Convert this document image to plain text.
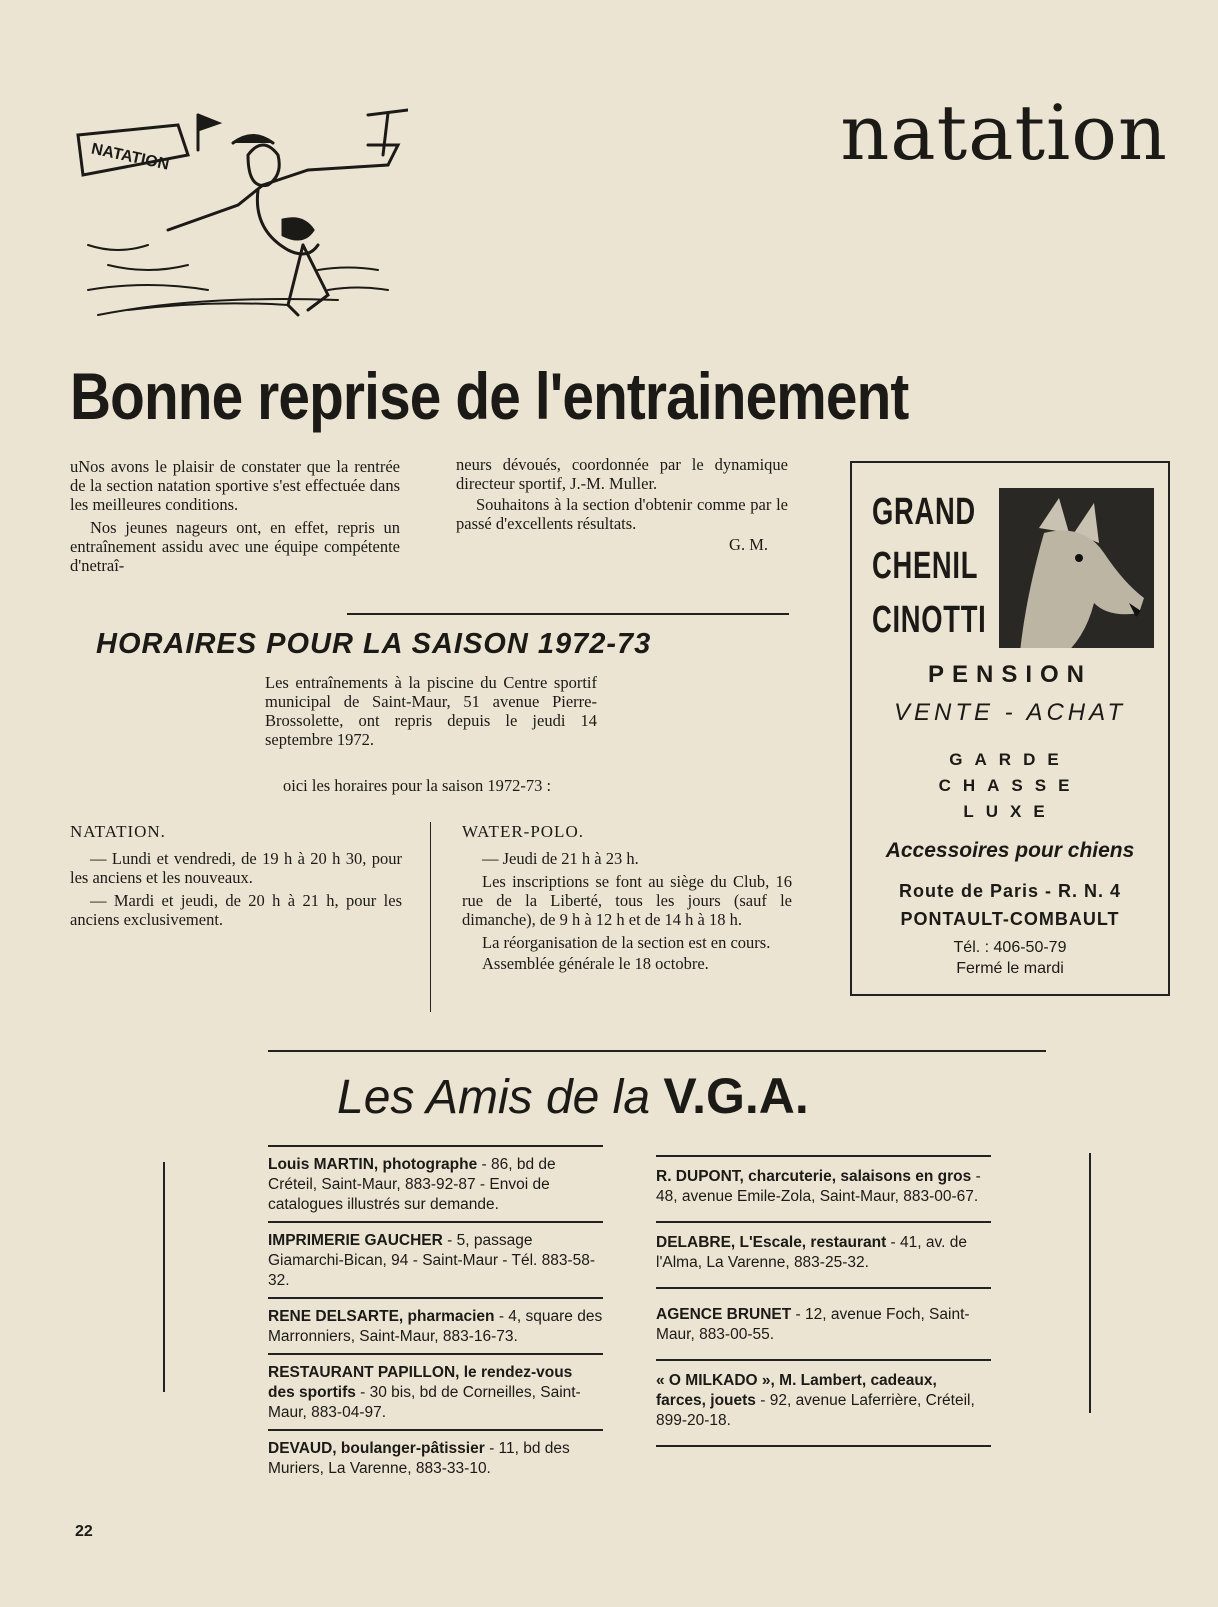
natation
NATATION
Bonne reprise de l'entrainement

uNos avons le plaisir de constater que la rentrée de la section natation sportive s'est effectuée dans les meilleures conditions.

Nos jeunes nageurs ont, en effet, repris un entraînement assidu avec une équipe compétente d'netraî-

neurs dévoués, coordonnée par le dynamique directeur sportif, J.-M. Muller.

Souhaitons à la section d'obtenir comme par le passé d'excellents résultats.

G. M.

HORAIRES POUR LA SAISON 1972-73

Les entraînements à la piscine du Centre sportif municipal de Saint-Maur, 51 avenue Pierre-Brossolette, ont repris depuis le jeudi 14 septembre 1972.

oici les horaires pour la saison 1972-73 :

NATATION.

— Lundi et vendredi, de 19 h à 20 h 30, pour les anciens et les nouveaux.

— Mardi et jeudi, de 20 h à 21 h, pour les anciens exclusivement.

WATER-POLO.

— Jeudi de 21 h à 23 h.

Les inscriptions se font au siège du Club, 16 rue de la Liberté, tous les jours (sauf le dimanche), de 9 h à 12 h et de 14 h à 18 h.

La réorganisation de la section est en cours.

Assemblée générale le 18 octobre.

GRAND
CHENIL
CINOTTI
PENSION
VENTE - ACHAT
GARDE
CHASSE
LUXE
Accessoires pour chiens
Route de Paris - R. N. 4
PONTAULT-COMBAULT
Tél. : 406-50-79
Fermé le mardi
Les Amis de la V.G.A.

Louis MARTIN, photographe - 86, bd de Créteil, Saint-Maur, 883-92-87 - Envoi de catalogues illustrés sur demande.

IMPRIMERIE GAUCHER - 5, passage Giamarchi-Bican, 94 - Saint-Maur - Tél. 883-58-32.

RENE DELSARTE, pharmacien - 4, square des Marronniers, Saint-Maur, 883-16-73.

RESTAURANT PAPILLON, le rendez-vous des sportifs - 30 bis, bd de Corneilles, Saint-Maur, 883-04-97.

DEVAUD, boulanger-pâtissier - 11, bd des Muriers, La Varenne, 883-33-10.

R. DUPONT, charcuterie, salaisons en gros - 48, avenue Emile-Zola, Saint-Maur, 883-00-67.

DELABRE, L'Escale, restaurant - 41, av. de l'Alma, La Varenne, 883-25-32.

AGENCE BRUNET - 12, avenue Foch, Saint-Maur, 883-00-55.

« O MILKADO », M. Lambert, cadeaux, farces, jouets - 92, avenue Laferrière, Créteil, 899-20-18.

22
